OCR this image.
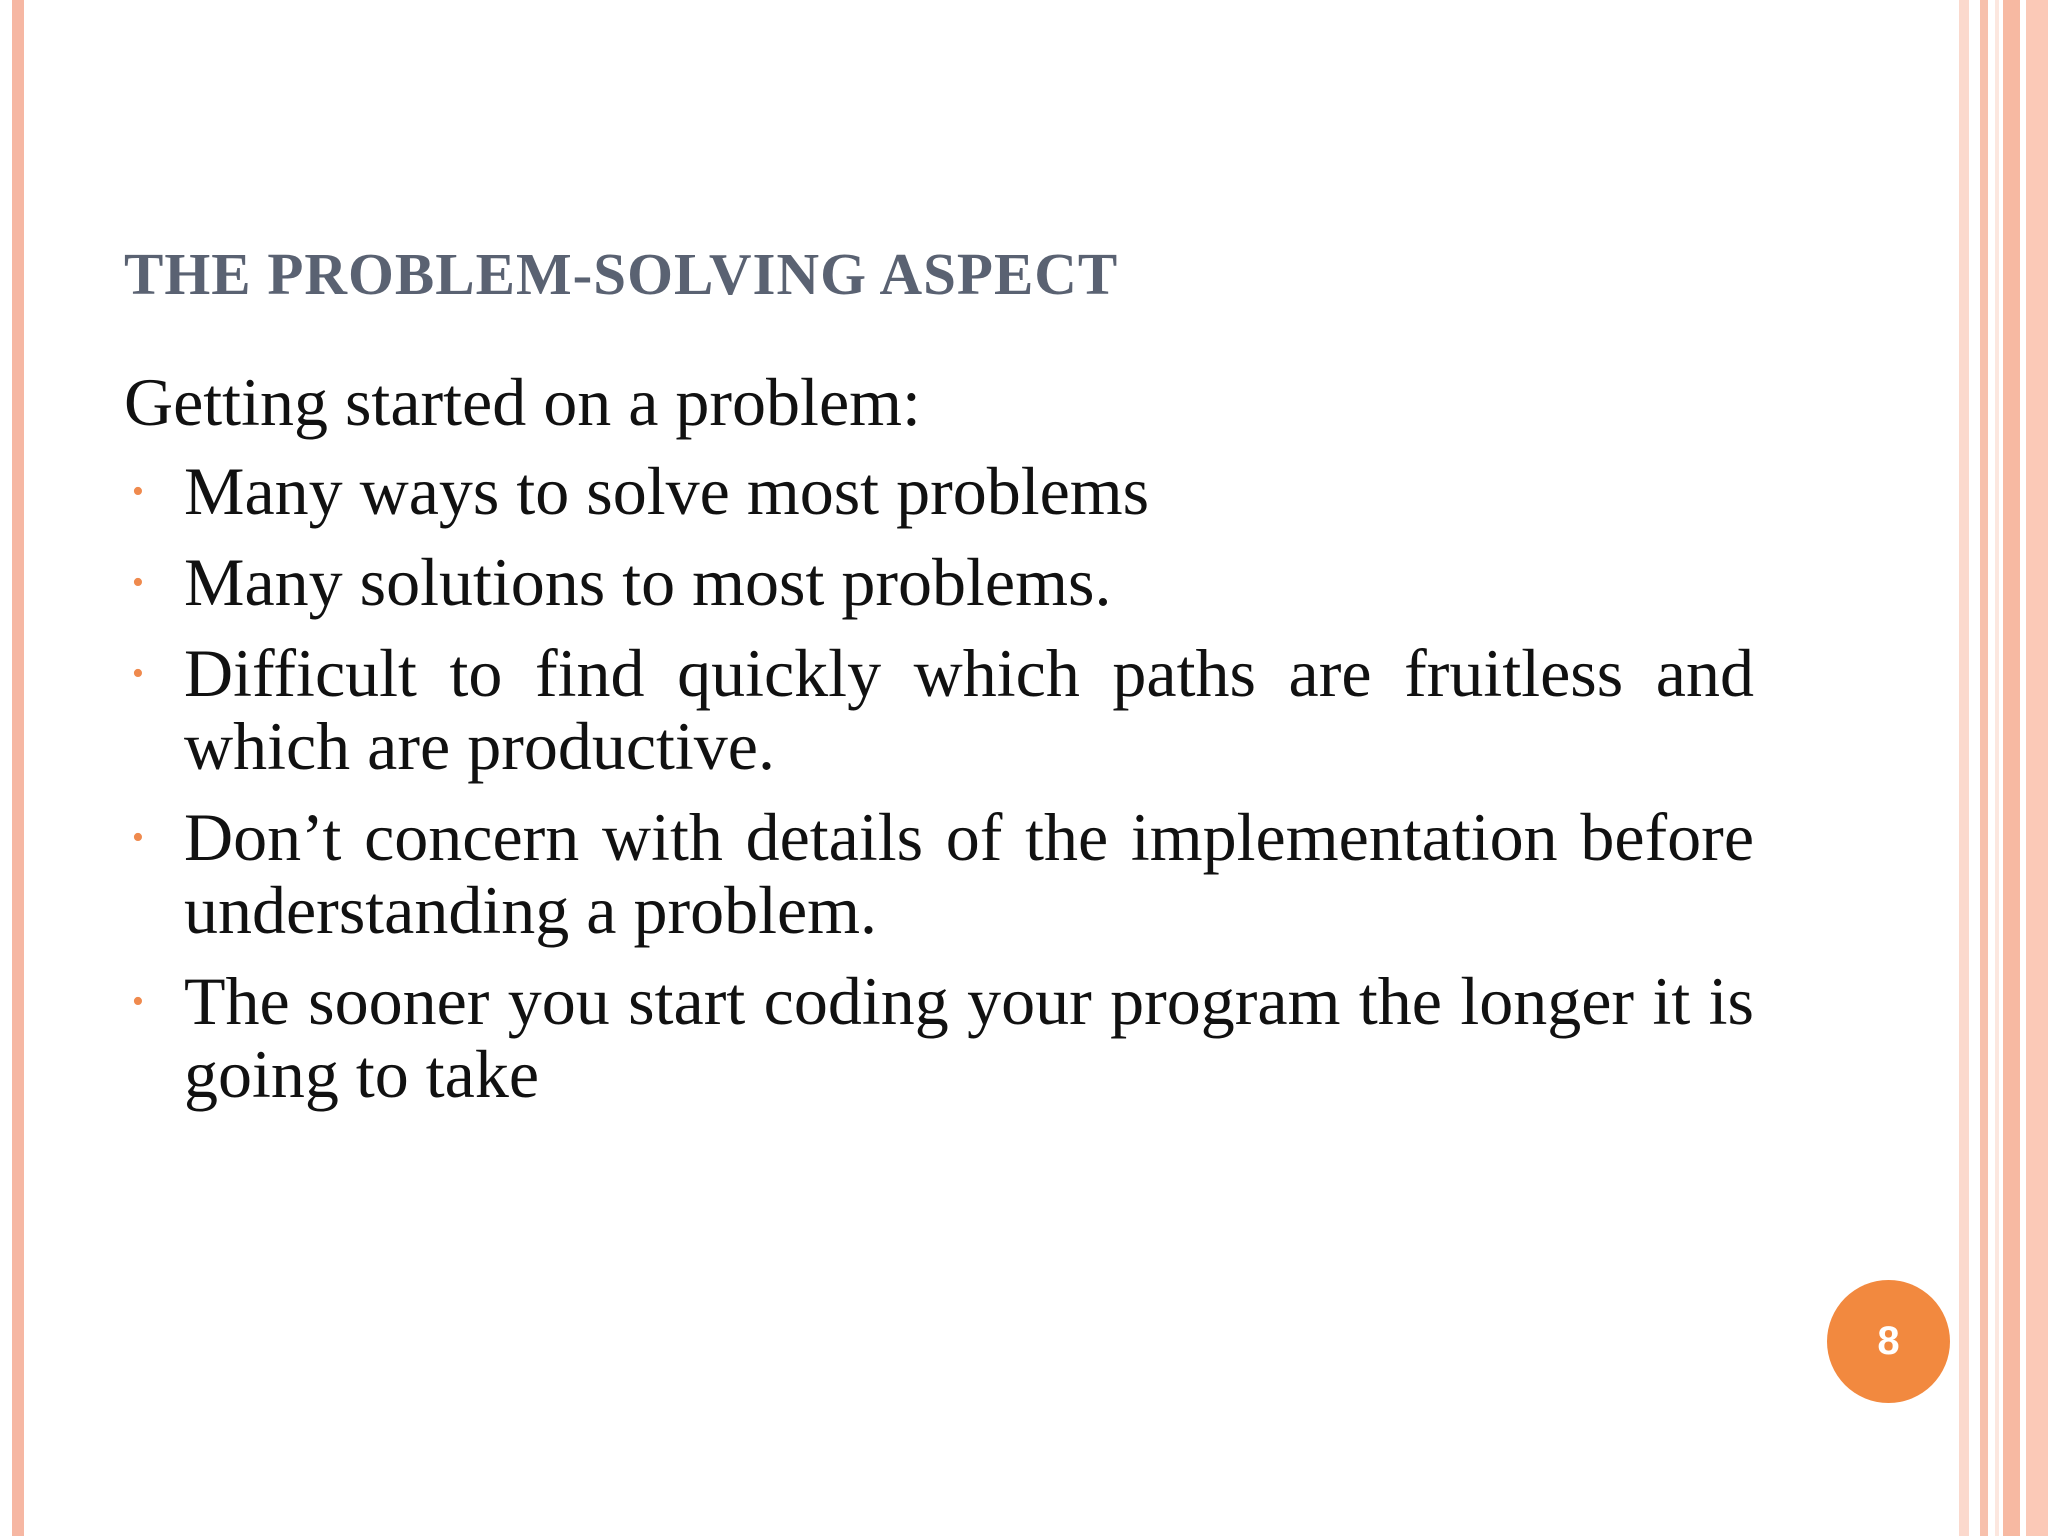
THE PROBLEM-SOLVING ASPECT

Getting started on a problem:

• Many ways to solve most problems
• Many solutions to most problems.
• Difficult to find quickly which paths are fruitless and which are productive.
• Don’t concern with details of the implementation before understanding a problem.
• The sooner you start coding your program the longer it is going to take
8
